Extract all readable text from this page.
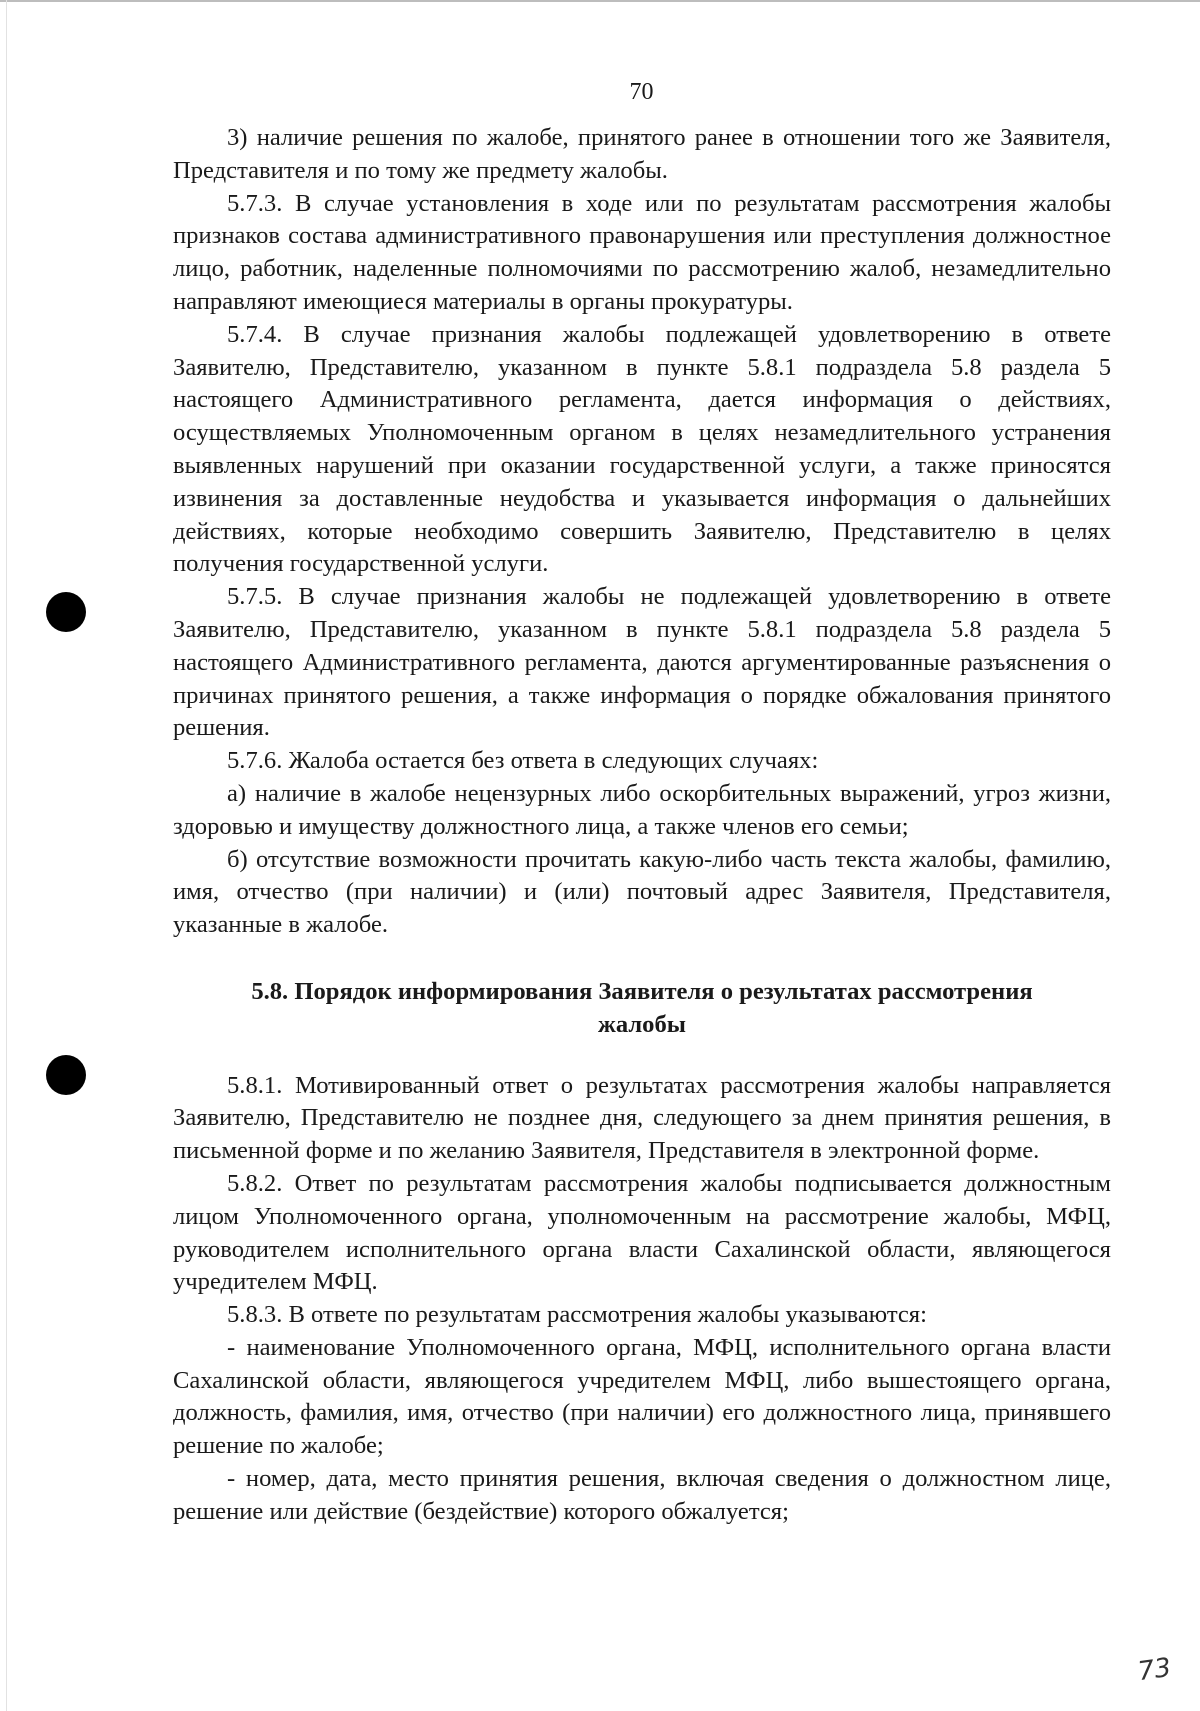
70

3) наличие решения по жалобе, принятого ранее в отношении того же Заявителя, Представителя и по тому же предмету жалобы.

5.7.3. В случае установления в ходе или по результатам рассмотрения жалобы признаков состава административного правонарушения или преступления должностное лицо, работник, наделенные полномочиями по рассмотрению жалоб, незамедлительно направляют имеющиеся материалы в органы прокуратуры.

5.7.4. В случае признания жалобы подлежащей удовлетворению в ответе Заявителю, Представителю, указанном в пункте 5.8.1 подраздела 5.8 раздела 5 настоящего Административного регламента, дается информация о действиях, осуществляемых Уполномоченным органом в целях незамедлительного устранения выявленных нарушений при оказании государственной услуги, а также приносятся извинения за доставленные неудобства и указывается информация о дальнейших действиях, которые необходимо совершить Заявителю, Представителю в целях получения государственной услуги.

5.7.5. В случае признания жалобы не подлежащей удовлетворению в ответе Заявителю, Представителю, указанном в пункте 5.8.1 подраздела 5.8 раздела 5 настоящего Административного регламента, даются аргументированные разъяснения о причинах принятого решения, а также информация о порядке обжалования принятого решения.

5.7.6. Жалоба остается без ответа в следующих случаях:

а) наличие в жалобе нецензурных либо оскорбительных выражений, угроз жизни, здоровью и имуществу должностного лица, а также членов его семьи;

б) отсутствие возможности прочитать какую-либо часть текста жалобы, фамилию, имя, отчество (при наличии) и (или) почтовый адрес Заявителя, Представителя, указанные в жалобе.

5.8. Порядок информирования Заявителя о результатах рассмотрения
жалобы

5.8.1. Мотивированный ответ о результатах рассмотрения жалобы направляется Заявителю, Представителю не позднее дня, следующего за днем принятия решения, в письменной форме и по желанию Заявителя, Представителя в электронной форме.

5.8.2. Ответ по результатам рассмотрения жалобы подписывается должностным лицом Уполномоченного органа, уполномоченным на рассмотрение жалобы, МФЦ, руководителем исполнительного органа власти Сахалинской области, являющегося учредителем МФЦ.

5.8.3. В ответе по результатам рассмотрения жалобы указываются:

- наименование Уполномоченного органа, МФЦ, исполнительного органа власти Сахалинской области, являющегося учредителем МФЦ, либо вышестоящего органа, должность, фамилия, имя, отчество (при наличии) его должностного лица, принявшего решение по жалобе;

- номер, дата, место принятия решения, включая сведения о должностном лице, решение или действие (бездействие) которого обжалуется;

73
